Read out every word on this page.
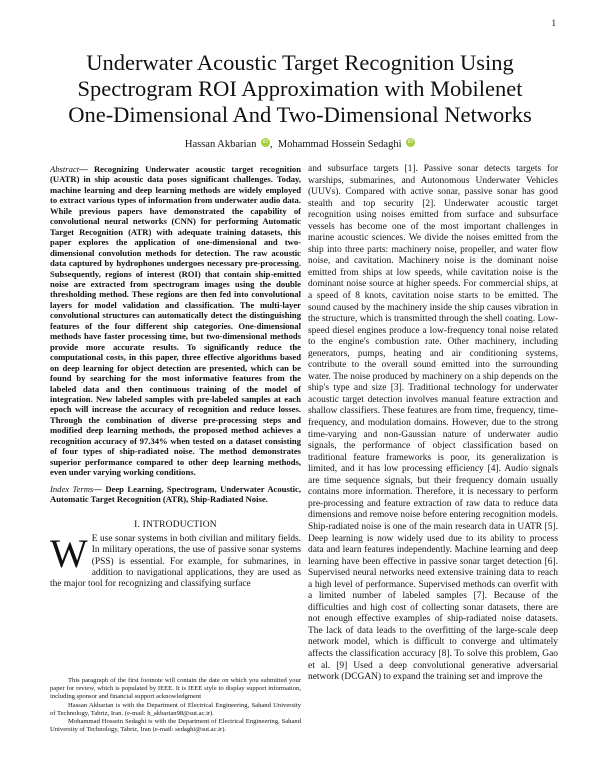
1
Underwater Acoustic Target Recognition Using
Spectrogram ROI Approximation with Mobilenet
One-Dimensional And Two-Dimensional Networks
Hassan Akbarian iD , Mohammad Hossein Sedaghi iD

Abstract— Recognizing Underwater acoustic target recognition (UATR) in ship acoustic data poses significant challenges. Today, machine learning and deep learning methods are widely employed to extract various types of information from underwater audio data. While previous papers have demonstrated the capability of convolutional neural networks (CNN) for performing Automatic Target Recognition (ATR) with adequate training datasets, this paper explores the application of one-dimensional and two-dimensional convolution methods for detection. The raw acoustic data captured by hydrophones undergoes necessary pre-processing. Subsequently, regions of interest (ROI) that contain ship-emitted noise are extracted from spectrogram images using the double thresholding method. These regions are then fed into convolutional layers for model validation and classification. The multi-layer convolutional structures can automatically detect the distinguishing features of the four different ship categories. One-dimensional methods have faster processing time, but two-dimensional methods provide more accurate results. To significantly reduce the computational costs, in this paper, three effective algorithms based on deep learning for object detection are presented, which can be found by searching for the most informative features from the labeled data and then continuous training of the model of integration. New labeled samples with pre-labeled samples at each epoch will increase the accuracy of recognition and reduce losses. Through the combination of diverse pre-processing steps and modified deep learning methods, the proposed method achieves a recognition accuracy of 97.34% when tested on a dataset consisting of four types of ship-radiated noise. The method demonstrates superior performance compared to other deep learning methods, even under varying working conditions.

Index Terms— Deep Learning, Spectrogram, Underwater Acoustic, Automatic Target Recognition (ATR), Ship-Radiated Noise.

I. INTRODUCTION

W E use sonar systems in both civilian and military fields. In military operations, the use of passive sonar systems (PSS) is essential. For example, for submarines, in addition to navigational applications, they are used as the major tool for recognizing and classifying surface

This paragraph of the first footnote will contain the date on which you submitted your paper for review, which is populated by IEEE. It is IEEE style to display support information, including sponsor and financial support acknowledgment

Hassan Akbarian is with the Department of Electrical Engineering, Sahand University of Technology, Tabriz, Iran. (e-mail: h_akbarian98@sut.ac.ir).

Mohammad Hossein Sedaghi is with the Department of Electrical Engineering, Sahand University of Technology, Tabriz, Iran (e-mail: sedaghi@sut.ac.ir).

and subsurface targets [1]. Passive sonar detects targets for warships, submarines, and Autonomous Underwater Vehicles (UUVs). Compared with active sonar, passive sonar has good stealth and top security [2]. Underwater acoustic target recognition using noises emitted from surface and subsurface vessels has become one of the most important challenges in marine acoustic sciences. We divide the noises emitted from the ship into three parts: machinery noise, propeller, and water flow noise, and cavitation. Machinery noise is the dominant noise emitted from ships at low speeds, while cavitation noise is the dominant noise source at higher speeds. For commercial ships, at a speed of 8 knots, cavitation noise starts to be emitted. The sound caused by the machinery inside the ship causes vibration in the structure, which is transmitted through the shell coating. Low-speed diesel engines produce a low-frequency tonal noise related to the engine's combustion rate. Other machinery, including generators, pumps, heating and air conditioning systems, contribute to the overall sound emitted into the surrounding water. The noise produced by machinery on a ship depends on the ship's type and size [3]. Traditional technology for underwater acoustic target detection involves manual feature extraction and shallow classifiers. These features are from time, frequency, time-frequency, and modulation domains. However, due to the strong time-varying and non-Gaussian nature of underwater audio signals, the performance of object classification based on traditional feature frameworks is poor, its generalization is limited, and it has low processing efficiency [4]. Audio signals are time sequence signals, but their frequency domain usually contains more information. Therefore, it is necessary to perform pre-processing and feature extraction of raw data to reduce data dimensions and remove noise before entering recognition models. Ship-radiated noise is one of the main research data in UATR [5]. Deep learning is now widely used due to its ability to process data and learn features independently. Machine learning and deep learning have been effective in passive sonar target detection [6]. Supervised neural networks need extensive training data to reach a high level of performance. Supervised methods can overfit with a limited number of labeled samples [7]. Because of the difficulties and high cost of collecting sonar datasets, there are not enough effective examples of ship-radiated noise datasets. The lack of data leads to the overfitting of the large-scale deep network model, which is difficult to converge and ultimately affects the classification accuracy [8]. To solve this problem, Gao et al. [9] Used a deep convolutional generative adversarial network (DCGAN) to expand the training set and improve the
